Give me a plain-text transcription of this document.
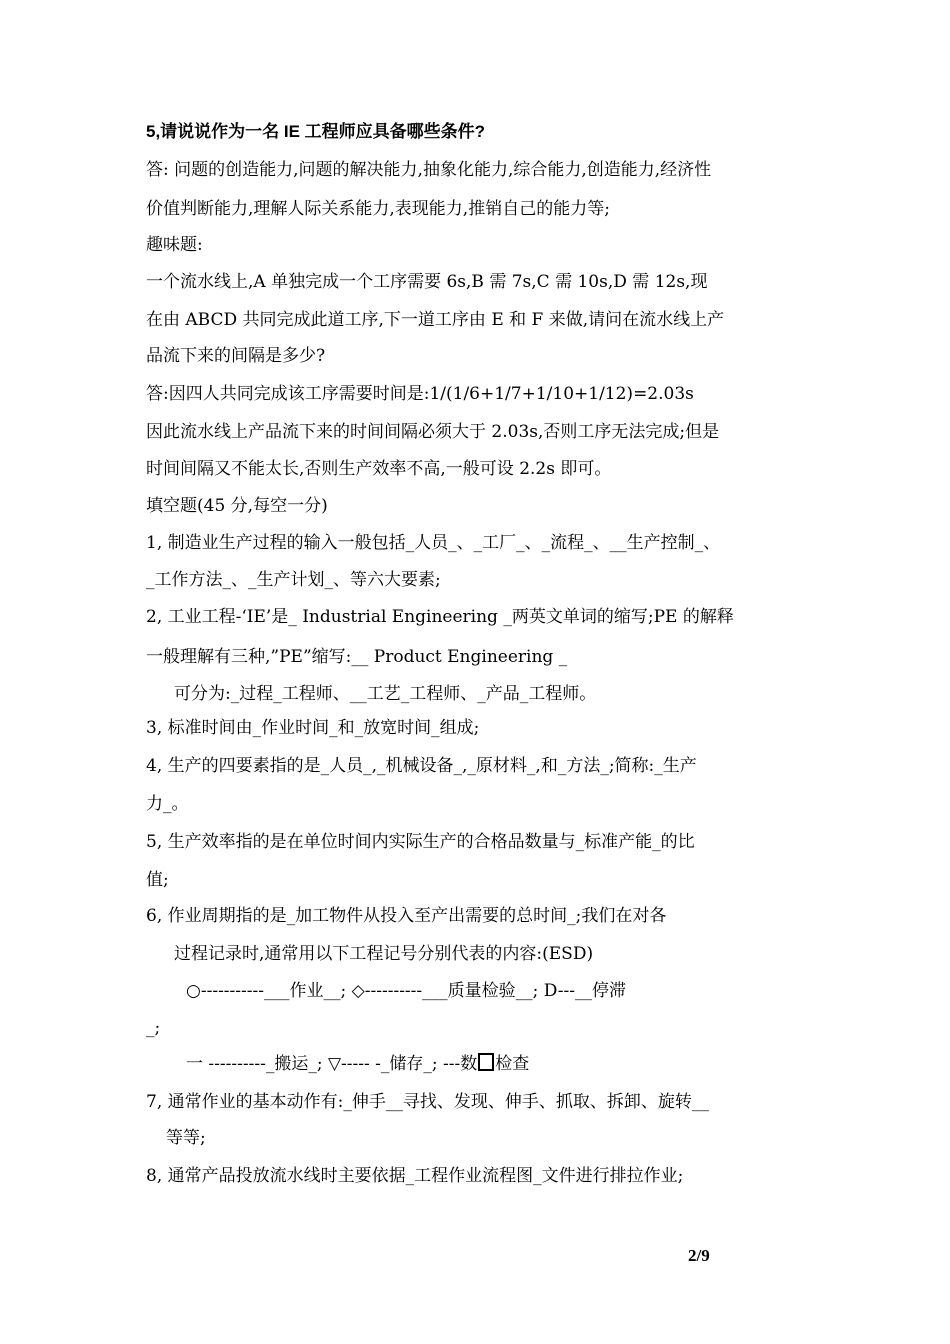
5,请说说作为一名 IE 工程师应具备哪些条件?
答: 问题的创造能力,问题的解决能力,抽象化能力,综合能力,创造能力,经济性
价值判断能力,理解人际关系能力,表现能力,推销自己的能力等;
趣味题:
一个流水线上,A 单独完成一个工序需要 6s,B 需 7s,C 需 10s,D 需 12s,现
在由 ABCD 共同完成此道工序,下一道工序由 E 和 F 来做,请问在流水线上产
品流下来的间隔是多少?
答:因四人共同完成该工序需要时间是:1/(1/6+1/7+1/10+1/12)=2.03s
因此流水线上产品流下来的时间间隔必须大于 2.03s,否则工序无法完成;但是
时间间隔又不能太长,否则生产效率不高,一般可设 2.2s 即可。
填空题(45 分,每空一分)
1, 制造业生产过程的输入一般包括_人员_、_工厂_、_流程_、__生产控制_、
_工作方法_、_生产计划_、等六大要素;
2, 工业工程-‘IE’是_ Industrial Engineering _两英文单词的缩写;PE 的解释
一般理解有三种,”PE”缩写:__ Product Engineering _
可分为:_过程_工程师、__工艺_工程师、_产品_工程师。
3, 标准时间由_作业时间_和_放宽时间_组成;
4, 生产的四要素指的是_人员_,_机械设备_,_原材料_,和_方法_;简称:_生产
力_。
5, 生产效率指的是在单位时间内实际生产的合格品数量与_标准产能_的比
值;
6, 作业周期指的是_加工物件从投入至产出需要的总时间_;我们在对各
过程记录时,通常用以下工程记号分别代表的内容:(ESD)
○-----------___作业__; ◇----------___质量检验__; D---__停滞
_;
一 ----------_搬运_; ▽----- -_储存_; ---数 检查
7, 通常作业的基本动作有:_伸手__寻找、发现、伸手、抓取、拆卸、旋转__
等等;
8, 通常产品投放流水线时主要依据_工程作业流程图_文件进行排拉作业;
2/9
